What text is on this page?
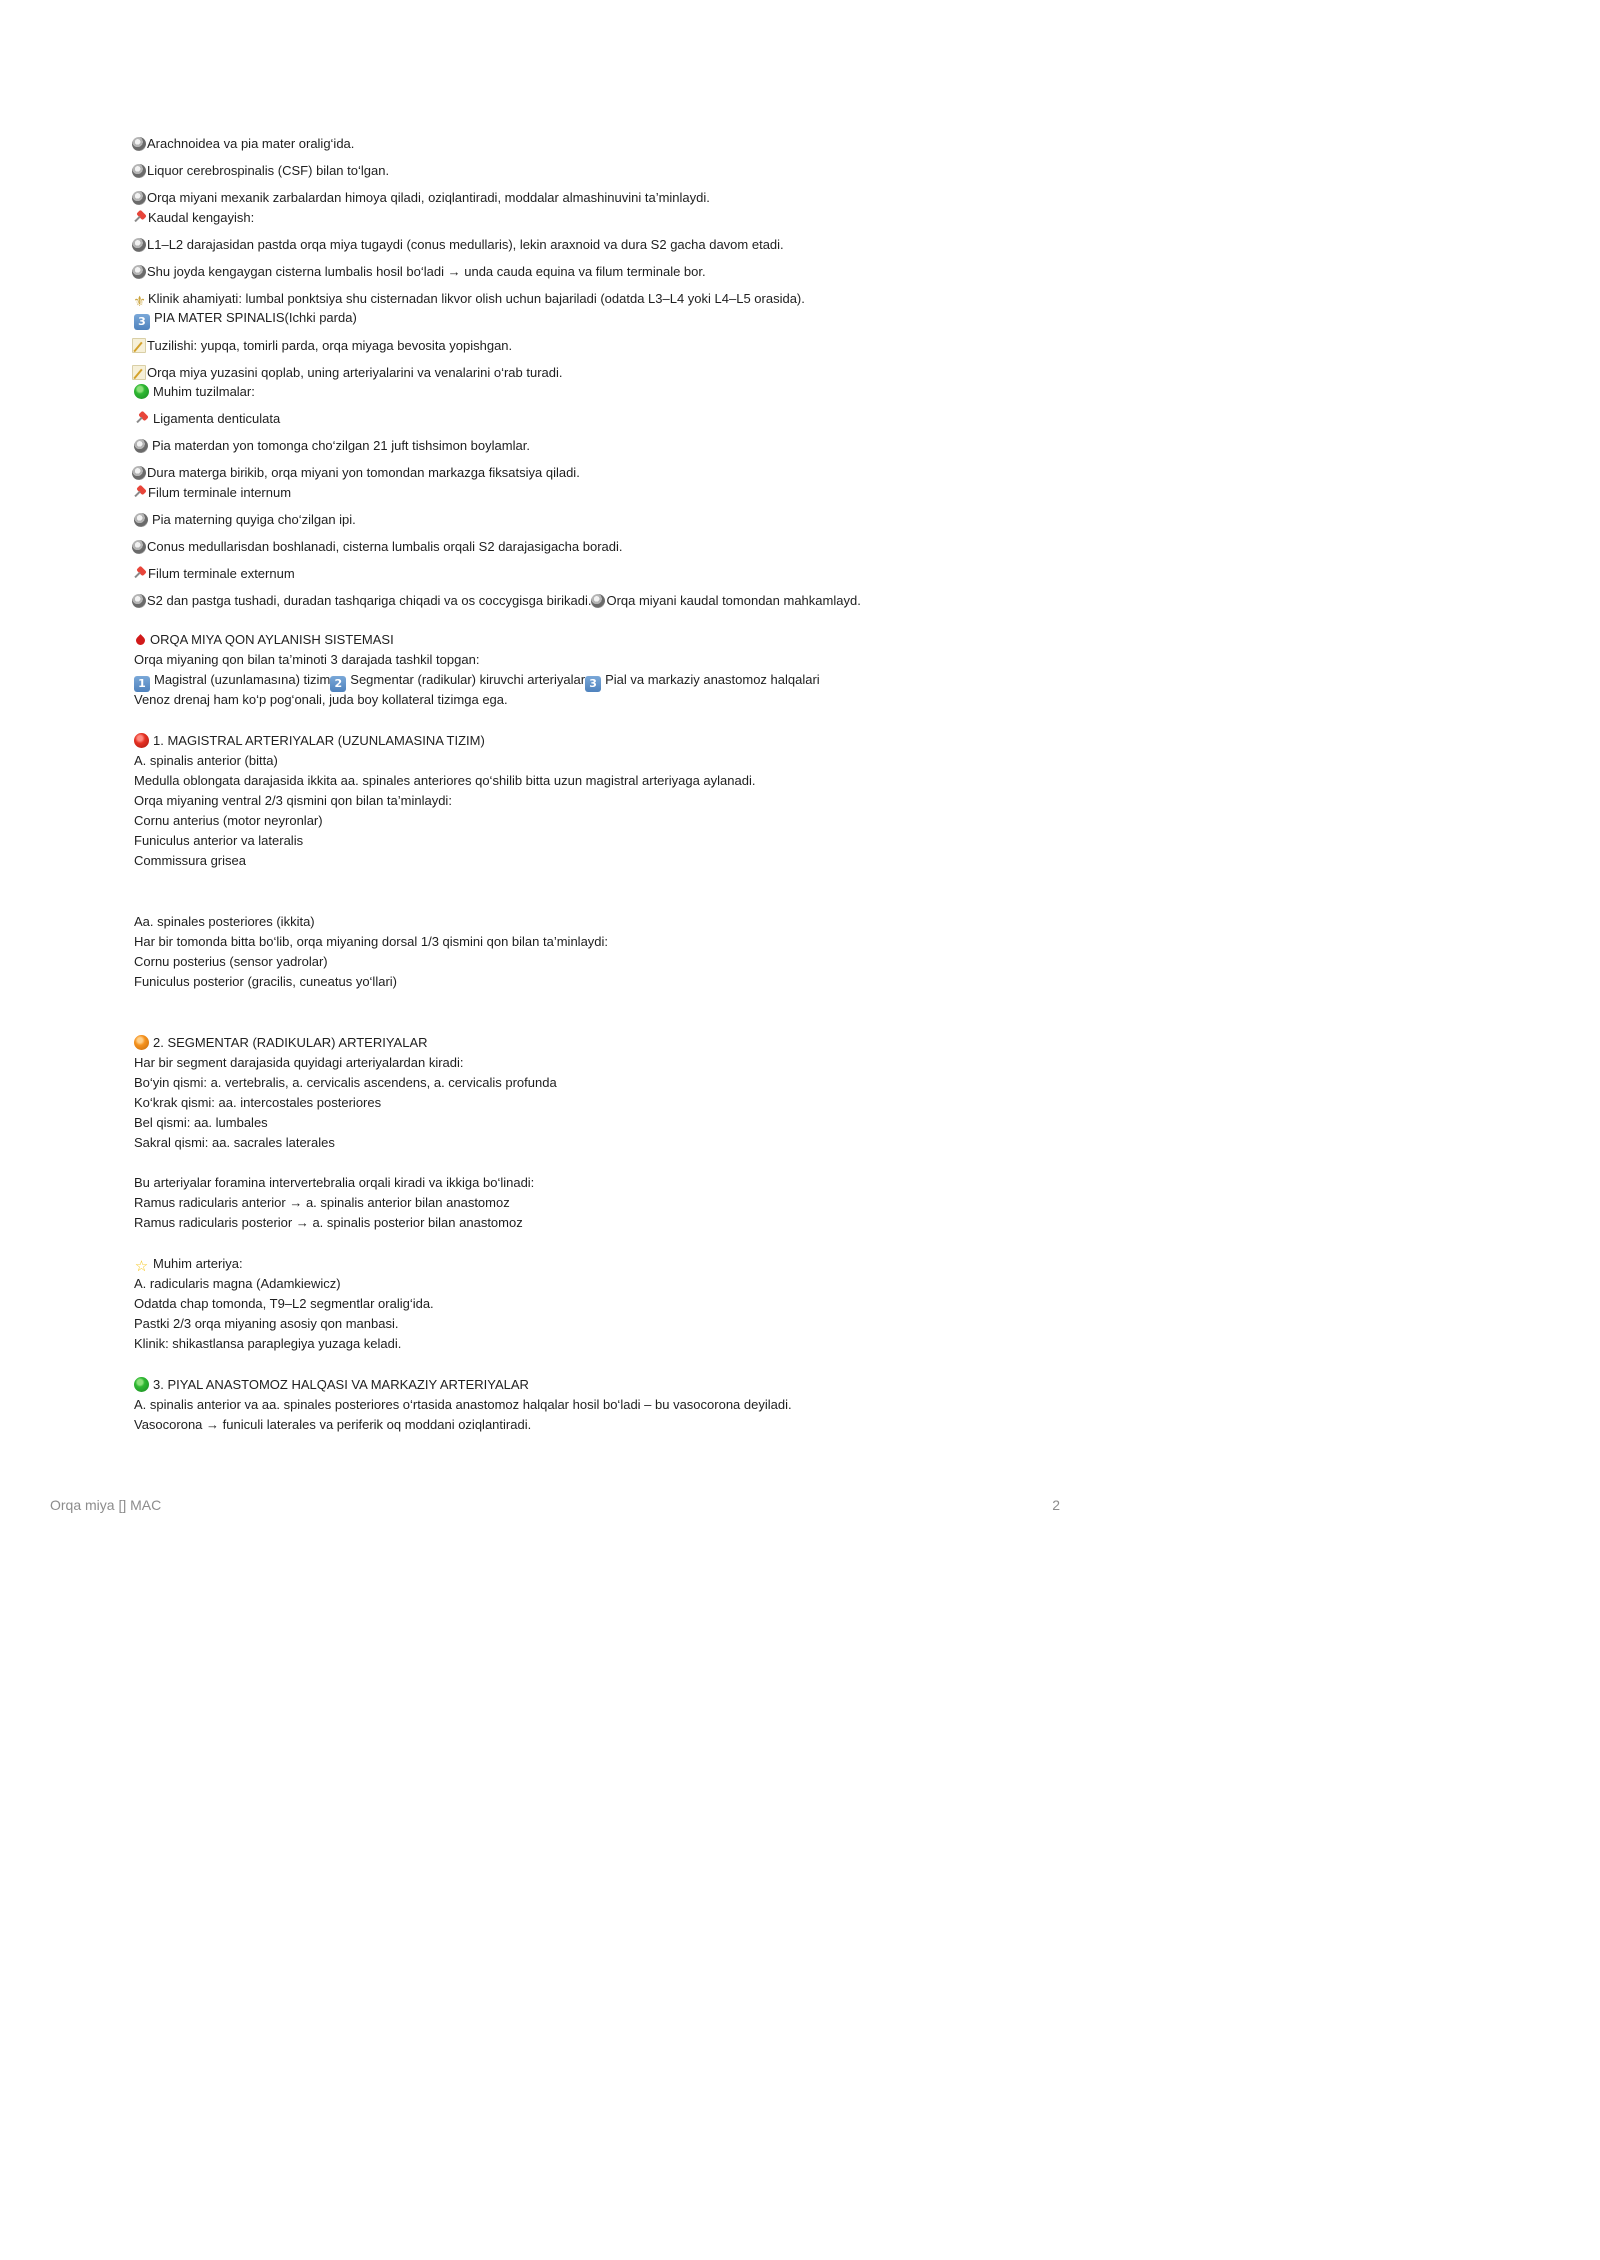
Arachnoidea va pia mater oralig‘ida.
Liquor cerebrospinalis (CSF) bilan to‘lgan.
Orqa miyani mexanik zarbalardan himoya qiladi, oziqlantiradi, moddalar almashinuvini ta’minlaydi.
Kaudal kengayish:
L1–L2 darajasidan pastda orqa miya tugaydi (conus medullaris), lekin araxnoid va dura S2 gacha davom etadi.
Shu joyda kengaygan cisterna lumbalis hosil bo‘ladi → unda cauda equina va filum terminale bor.
⚜ Klinik ahamiyati: lumbal ponktsiya shu cisternadan likvor olish uchun bajariladi (odatda L3–L4 yoki L4–L5 orasida).
3 PIA MATER SPINALIS(Ichki parda)
Tuzilishi: yupqa, tomirli parda, orqa miyaga bevosita yopishgan.
Orqa miya yuzasini qoplab, uning arteriyalarini va venalarini o‘rab turadi.
Muhim tuzilmalar:
Ligamenta denticulata
Pia materdan yon tomonga cho‘zilgan 21 juft tishsimon boylamlar.
Dura materga birikib, orqa miyani yon tomondan markazga fiksatsiya qiladi.
Filum terminale internum
Pia materning quyiga cho‘zilgan ipi.
Conus medullarisdan boshlanadi, cisterna lumbalis orqali S2 darajasigacha boradi.
Filum terminale externum
S2 dan pastga tushadi, duradan tashqariga chiqadi va os coccygisga birikadi. Orqa miyani kaudal tomondan mahkamlayd.
ORQA MIYA QON AYLANISH SISTEMASI
Orqa miyaning qon bilan ta’minoti 3 darajada tashkil topgan:
1 Magistral (uzunlamasına) tizim 2 Segmentar (radikular) kiruvchi arteriyalar 3 Pial va markaziy anastomoz halqalari
Venoz drenaj ham ko‘p pog‘onali, juda boy kollateral tizimga ega.
1. MAGISTRAL ARTERIYALAR (UZUNLAMASINA TIZIM)
A. spinalis anterior (bitta)
Medulla oblongata darajasida ikkita aa. spinales anteriores qo‘shilib bitta uzun magistral arteriyaga aylanadi.
Orqa miyaning ventral 2/3 qismini qon bilan ta’minlaydi:
Cornu anterius (motor neyronlar)
Funiculus anterior va lateralis
Commissura grisea
Aa. spinales posteriores (ikkita)
Har bir tomonda bitta bo‘lib, orqa miyaning dorsal 1/3 qismini qon bilan ta’minlaydi:
Cornu posterius (sensor yadrolar)
Funiculus posterior (gracilis, cuneatus yo‘llari)
2. SEGMENTAR (RADIKULAR) ARTERIYALAR
Har bir segment darajasida quyidagi arteriyalardan kiradi:
Bo‘yin qismi: a. vertebralis, a. cervicalis ascendens, a. cervicalis profunda
Ko‘krak qismi: aa. intercostales posteriores
Bel qismi: aa. lumbales
Sakral qismi: aa. sacrales laterales
Bu arteriyalar foramina intervertebralia orqali kiradi va ikkiga bo‘linadi:
Ramus radicularis anterior → a. spinalis anterior bilan anastomoz
Ramus radicularis posterior → a. spinalis posterior bilan anastomoz
☆ Muhim arteriya:
A. radicularis magna (Adamkiewicz)
Odatda chap tomonda, T9–L2 segmentlar oralig‘ida.
Pastki 2/3 orqa miyaning asosiy qon manbasi.
Klinik: shikastlansa paraplegiya yuzaga keladi.
3. PIYAL ANASTOMOZ HALQASI VA MARKAZIY ARTERIYALAR
A. spinalis anterior va aa. spinales posteriores o‘rtasida anastomoz halqalar hosil bo‘ladi – bu vasocorona deyiladi.
Vasocorona → funiculi laterales va periferik oq moddani oziqlantiradi.
Orqa miya [] MAC	2
